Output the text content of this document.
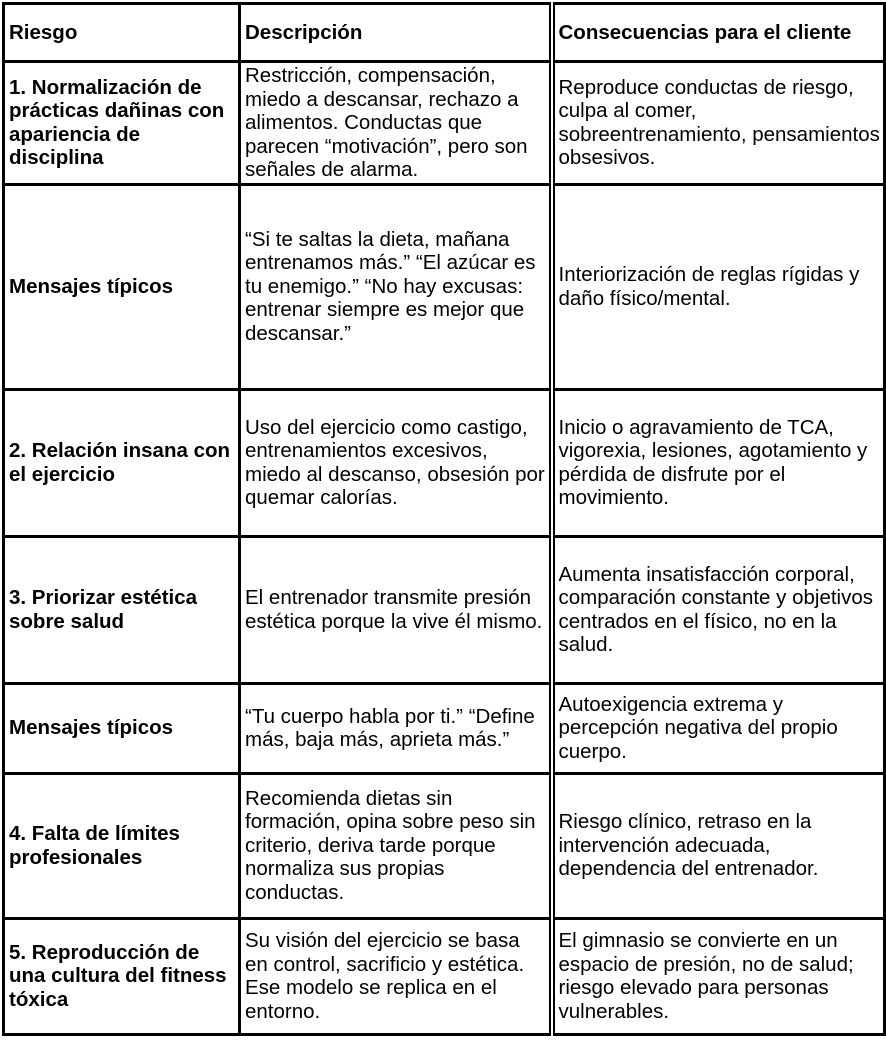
Riesgo	Descripción	Consecuencias para el cliente
1. Normalización de prácticas dañinas con apariencia de disciplina	Restricción, compensación, miedo a descansar, rechazo a alimentos. Conductas que parecen “motivación”, pero son señales de alarma.	Reproduce conductas de riesgo, culpa al comer, sobreentrenamiento, pensamientos obsesivos.
Mensajes típicos	“Si te saltas la dieta, mañana entrenamos más.” “El azúcar es tu enemigo.” “No hay excusas: entrenar siempre es mejor que descansar.”	Interiorización de reglas rígidas y daño físico/mental.
2. Relación insana con el ejercicio	Uso del ejercicio como castigo, entrenamientos excesivos, miedo al descanso, obsesión por quemar calorías.	Inicio o agravamiento de TCA, vigorexia, lesiones, agotamiento y pérdida de disfrute por el movimiento.
3. Priorizar estética sobre salud	El entrenador transmite presión estética porque la vive él mismo.	Aumenta insatisfacción corporal, comparación constante y objetivos centrados en el físico, no en la salud.
Mensajes típicos	“Tu cuerpo habla por ti.” “Define más, baja más, aprieta más.”	Autoexigencia extrema y percepción negativa del propio cuerpo.
4. Falta de límites profesionales	Recomienda dietas sin formación, opina sobre peso sin criterio, deriva tarde porque normaliza sus propias conductas.	Riesgo clínico, retraso en la intervención adecuada, dependencia del entrenador.
5. Reproducción de una cultura del fitness tóxica	Su visión del ejercicio se basa en control, sacrificio y estética. Ese modelo se replica en el entorno.	El gimnasio se convierte en un espacio de presión, no de salud; riesgo elevado para personas vulnerables.
